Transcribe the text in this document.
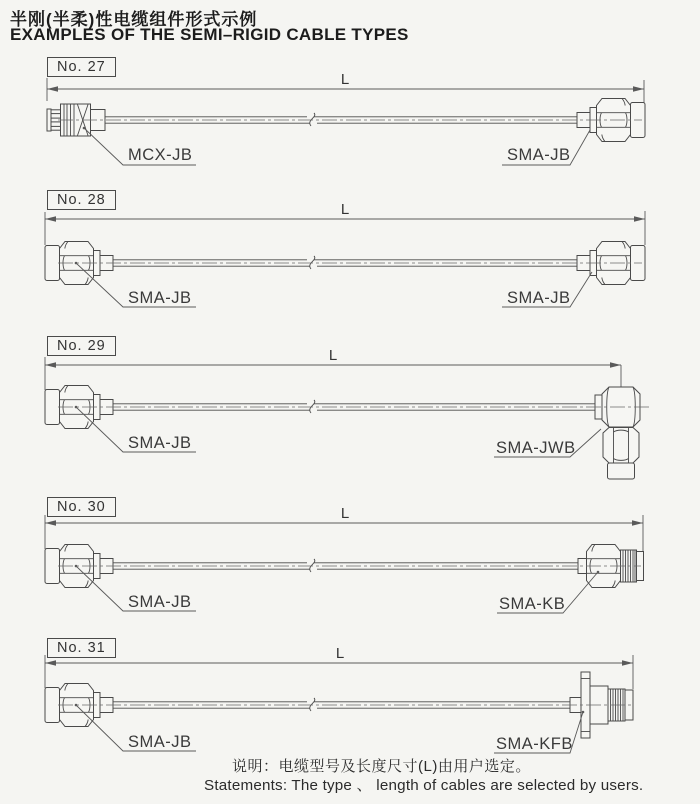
半刚(半柔)性电缆组件形式示例
EXAMPLES OF THE SEMI–RIGID CABLE TYPES
L
No. 27
MCX-JB	SMA-JB
L
No. 28
SMA-JB	SMA-JB
L
No. 29
SMA-JB	SMA-JWB
L
No. 30
SMA-JB	SMA-KB
L
No. 31
SMA-JB	SMA-KFB
说明：电缆型号及长度尺寸(L)由用户选定。
Statements: The type 、 length of cables are selected by users.
